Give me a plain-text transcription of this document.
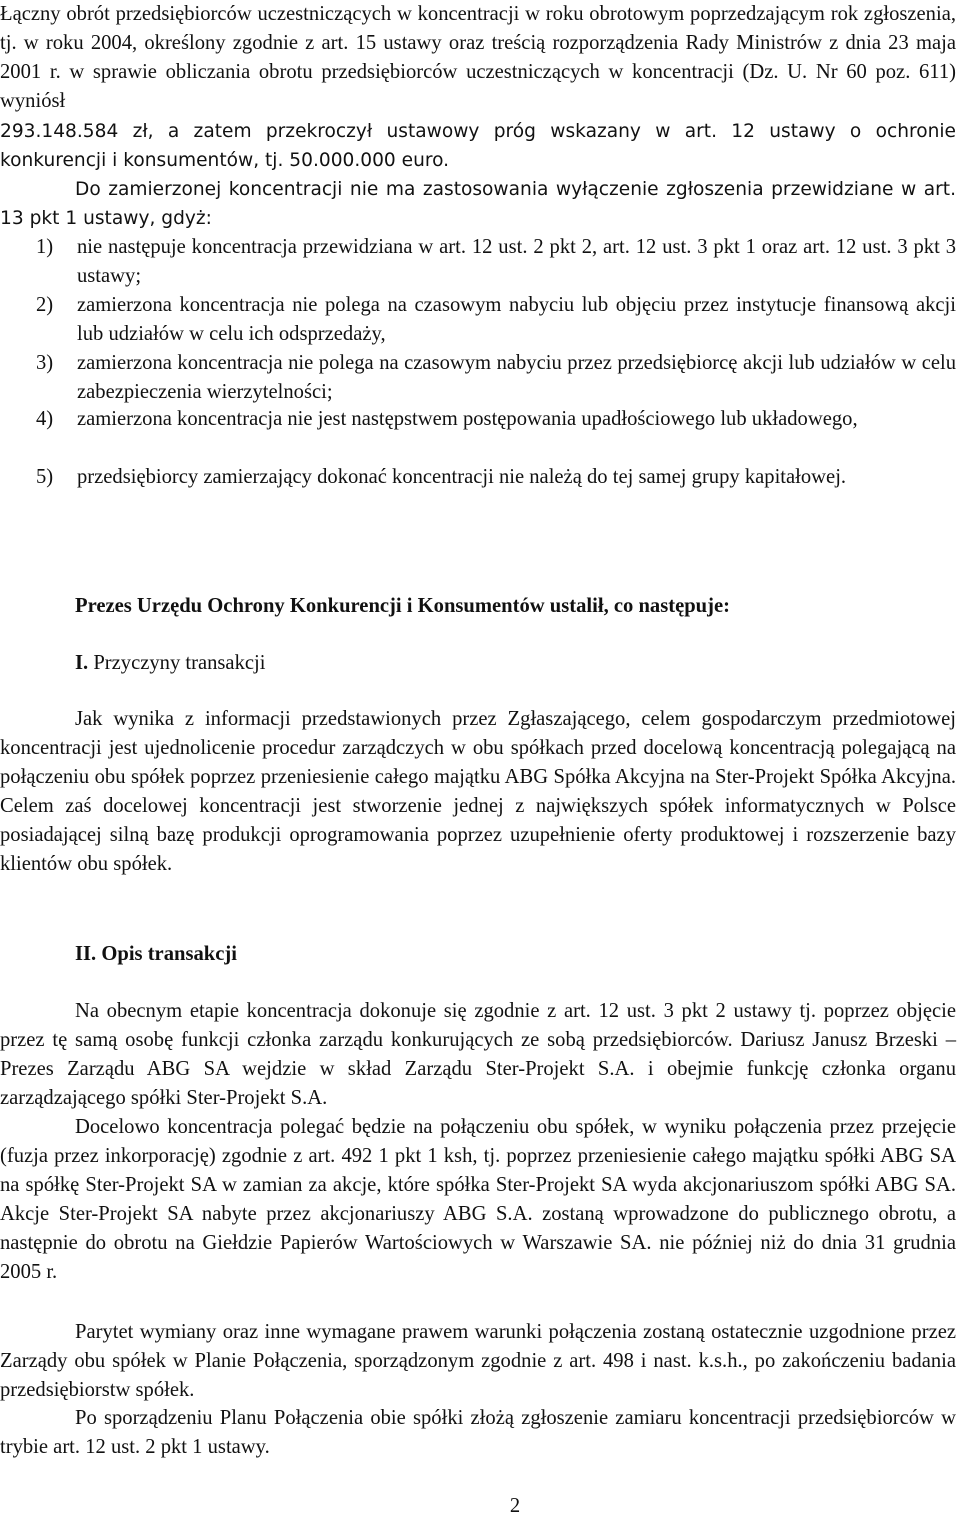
Łączny obrót przedsiębiorców uczestniczących w koncentracji w roku obrotowym poprzedzającym rok zgłoszenia, tj. w roku 2004, określony zgodnie z art. 15 ustawy oraz treścią rozporządzenia Rady Ministrów z dnia 23 maja 2001 r. w sprawie obliczania obrotu przedsiębiorców uczestniczących w koncentracji (Dz. U. Nr 60 poz. 611) wyniósł

293.148.584 zł, a zatem przekroczył ustawowy próg wskazany w art. 12 ustawy o ochronie konkurencji i konsumentów, tj. 50.000.000 euro.

Do zamierzonej koncentracji nie ma zastosowania wyłączenie zgłoszenia przewidziane w art. 13 pkt 1 ustawy, gdyż:

1) nie następuje koncentracja przewidziana w art. 12 ust. 2 pkt 2, art. 12 ust. 3 pkt 1 oraz art. 12 ust. 3 pkt 3 ustawy;
2) zamierzona koncentracja nie polega na czasowym nabyciu lub objęciu przez instytucje finansową akcji lub udziałów w celu ich odsprzedaży,
3) zamierzona koncentracja nie polega na czasowym nabyciu przez przedsiębiorcę akcji lub udziałów w celu zabezpieczenia wierzytelności;
4) zamierzona koncentracja nie jest następstwem postępowania upadłościowego lub układowego,
5) przedsiębiorcy zamierzający dokonać koncentracji nie należą do tej samej grupy kapitałowej.
Prezes Urzędu Ochrony Konkurencji i Konsumentów ustalił, co następuje:
I. Przyczyny transakcji

Jak wynika z informacji przedstawionych przez Zgłaszającego, celem gospodarczym przedmiotowej koncentracji jest ujednolicenie procedur zarządczych w obu spółkach przed docelową koncentracją polegającą na połączeniu obu spółek poprzez przeniesienie całego majątku ABG Spółka Akcyjna na Ster-Projekt Spółka Akcyjna. Celem zaś docelowej koncentracji jest stworzenie jednej z największych spółek informatycznych w Polsce posiadającej silną bazę produkcji oprogramowania poprzez uzupełnienie oferty produktowej i rozszerzenie bazy klientów obu spółek.

II. Opis transakcji

Na obecnym etapie koncentracja dokonuje się zgodnie z art. 12 ust. 3 pkt 2 ustawy tj. poprzez objęcie przez tę samą osobę funkcji członka zarządu konkurujących ze sobą przedsiębiorców. Dariusz Janusz Brzeski –Prezes Zarządu ABG SA wejdzie w skład Zarządu Ster-Projekt S.A. i obejmie funkcję członka organu zarządzającego spółki Ster-Projekt S.A.

Docelowo koncentracja polegać będzie na połączeniu obu spółek, w wyniku połączenia przez przejęcie (fuzja przez inkorporację) zgodnie z art. 492 1 pkt 1 ksh, tj. poprzez przeniesienie całego majątku spółki ABG SA na spółkę Ster-Projekt SA w zamian za akcje, które spółka Ster-Projekt SA wyda akcjonariuszom spółki ABG SA. Akcje Ster-Projekt SA nabyte przez akcjonariuszy ABG S.A. zostaną wprowadzone do publicznego obrotu, a następnie do obrotu na Giełdzie Papierów Wartościowych w Warszawie SA. nie później niż do dnia 31 grudnia 2005 r.

Parytet wymiany oraz inne wymagane prawem warunki połączenia zostaną ostatecznie uzgodnione przez Zarządy obu spółek w Planie Połączenia, sporządzonym zgodnie z art. 498 i nast. k.s.h., po zakończeniu badania przedsiębiorstw spółek.

Po sporządzeniu Planu Połączenia obie spółki złożą zgłoszenie zamiaru koncentracji przedsiębiorców w trybie art. 12 ust. 2 pkt 1 ustawy.

2
